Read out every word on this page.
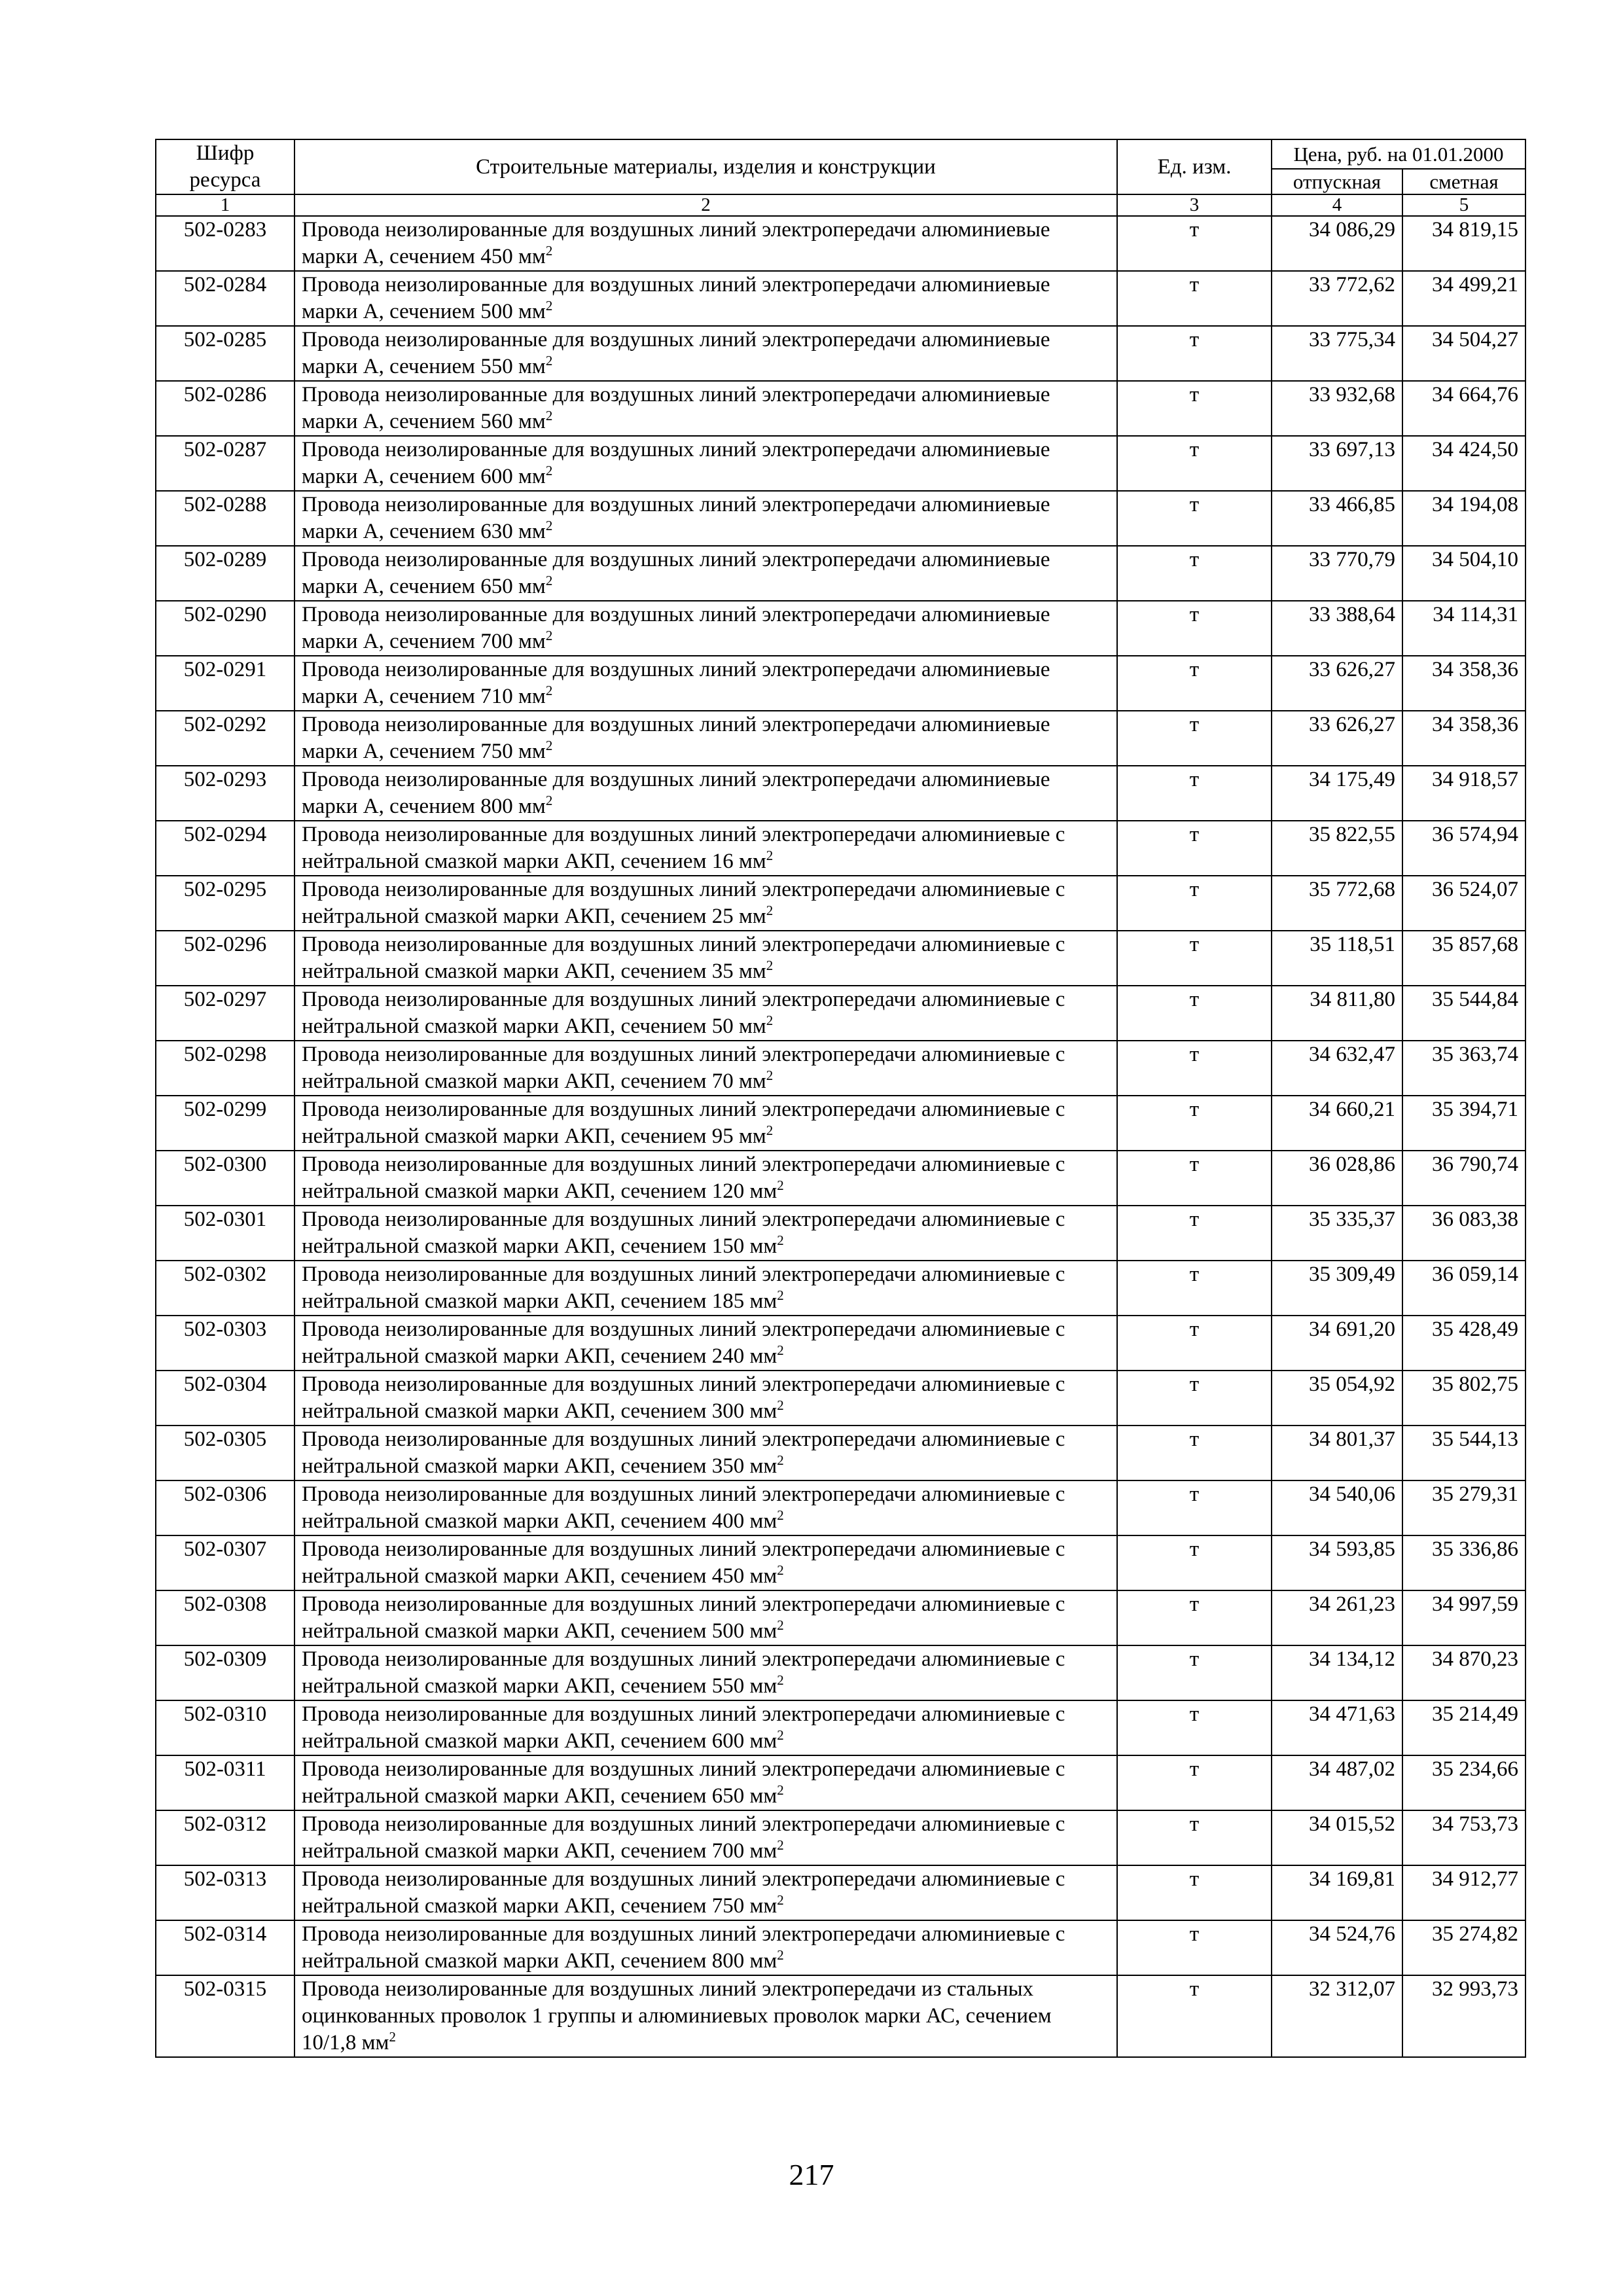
Шифр ресурса	Строительные материалы, изделия и конструкции	Ед. изм.	Цена, руб. на 01.01.2000	
			отпускная	сметная
1	2	3	4	5
502-0283	Провода неизолированные для воздушных линий электропередачи алюминиевые марки А, сечением 450 $мм^2$	т	34 086,29	34 819,15
502-0284	Провода неизолированные для воздушных линий электропередачи алюминиевые марки А, сечением 500 $мм^2$	т	33 772,62	34 499,21
502-0285	Провода неизолированные для воздушных линий электропередачи алюминиевые марки А, сечением 550 $мм^2$	т	33 775,34	34 504,27
502-0286	Провода неизолированные для воздушных линий электропередачи алюминиевые марки А, сечением 560 $мм^2$	т	33 932,68	34 664,76
502-0287	Провода неизолированные для воздушных линий электропередачи алюминиевые марки А, сечением 600 $мм^2$	т	33 697,13	34 424,50
502-0288	Провода неизолированные для воздушных линий электропередачи алюминиевые марки А, сечением 630 $мм^2$	т	33 466,85	34 194,08
502-0289	Провода неизолированные для воздушных линий электропередачи алюминиевые марки А, сечением 650 $мм^2$	т	33 770,79	34 504,10
502-0290	Провода неизолированные для воздушных линий электропередачи алюминиевые марки А, сечением 700 $мм^2$	т	33 388,64	34 114,31
502-0291	Провода неизолированные для воздушных линий электропередачи алюминиевые марки А, сечением 710 $мм^2$	т	33 626,27	34 358,36
502-0292	Провода неизолированные для воздушных линий электропередачи алюминиевые марки А, сечением 750 $мм^2$	т	33 626,27	34 358,36
502-0293	Провода неизолированные для воздушных линий электропередачи алюминиевые марки А, сечением 800 $мм^2$	т	34 175,49	34 918,57
502-0294	Провода неизолированные для воздушных линий электропередачи алюминиевые с нейтральной смазкой марки АКП, сечением 16 $мм^2$	т	35 822,55	36 574,94
502-0295	Провода неизолированные для воздушных линий электропередачи алюминиевые с нейтральной смазкой марки АКП, сечением 25 $мм^2$	т	35 772,68	36 524,07
502-0296	Провода неизолированные для воздушных линий электропередачи алюминиевые с нейтральной смазкой марки АКП, сечением 35 $мм^2$	т	35 118,51	35 857,68
502-0297	Провода неизолированные для воздушных линий электропередачи алюминиевые с нейтральной смазкой марки АКП, сечением 50 $мм^2$	т	34 811,80	35 544,84
502-0298	Провода неизолированные для воздушных линий электропередачи алюминиевые с нейтральной смазкой марки АКП, сечением 70 $мм^2$	т	34 632,47	35 363,74
502-0299	Провода неизолированные для воздушных линий электропередачи алюминиевые с нейтральной смазкой марки АКП, сечением 95 $мм^2$	т	34 660,21	35 394,71
502-0300	Провода неизолированные для воздушных линий электропередачи алюминиевые с нейтральной смазкой марки АКП, сечением 120 $мм^2$	т	36 028,86	36 790,74
502-0301	Провода неизолированные для воздушных линий электропередачи алюминиевые с нейтральной смазкой марки АКП, сечением 150 $мм^2$	т	35 335,37	36 083,38
502-0302	Провода неизолированные для воздушных линий электропередачи алюминиевые с нейтральной смазкой марки АКП, сечением 185 $мм^2$	т	35 309,49	36 059,14
502-0303	Провода неизолированные для воздушных линий электропередачи алюминиевые с нейтральной смазкой марки АКП, сечением 240 $мм^2$	т	34 691,20	35 428,49
502-0304	Провода неизолированные для воздушных линий электропередачи алюминиевые с нейтральной смазкой марки АКП, сечением 300 $мм^2$	т	35 054,92	35 802,75
502-0305	Провода неизолированные для воздушных линий электропередачи алюминиевые с нейтральной смазкой марки АКП, сечением 350 $мм^2$	т	34 801,37	35 544,13
502-0306	Провода неизолированные для воздушных линий электропередачи алюминиевые с нейтральной смазкой марки АКП, сечением 400 $мм^2$	т	34 540,06	35 279,31
502-0307	Провода неизолированные для воздушных линий электропередачи алюминиевые с нейтральной смазкой марки АКП, сечением 450 $мм^2$	т	34 593,85	35 336,86
502-0308	Провода неизолированные для воздушных линий электропередачи алюминиевые с нейтральной смазкой марки АКП, сечением 500 $мм^2$	т	34 261,23	34 997,59
502-0309	Провода неизолированные для воздушных линий электропередачи алюминиевые с нейтральной смазкой марки АКП, сечением 550 $мм^2$	т	34 134,12	34 870,23
502-0310	Провода неизолированные для воздушных линий электропередачи алюминиевые с нейтральной смазкой марки АКП, сечением 600 $мм^2$	т	34 471,63	35 214,49
502-0311	Провода неизолированные для воздушных линий электропередачи алюминиевые с нейтральной смазкой марки АКП, сечением 650 $мм^2$	т	34 487,02	35 234,66
502-0312	Провода неизолированные для воздушных линий электропередачи алюминиевые с нейтральной смазкой марки АКП, сечением 700 $мм^2$	т	34 015,52	34 753,73
502-0313	Провода неизолированные для воздушных линий электропередачи алюминиевые с нейтральной смазкой марки АКП, сечением 750 $мм^2$	т	34 169,81	34 912,77
502-0314	Провода неизолированные для воздушных линий электропередачи алюминиевые с нейтральной смазкой марки АКП, сечением 800 $мм^2$	т	34 524,76	35 274,82
502-0315	Провода неизолированные для воздушных линий электропередачи из стальных оцинкованных проволок 1 группы и алюминиевых проволок марки АС, сечением 10/1,8 $мм^2$	т	32 312,07	32 993,73
217
